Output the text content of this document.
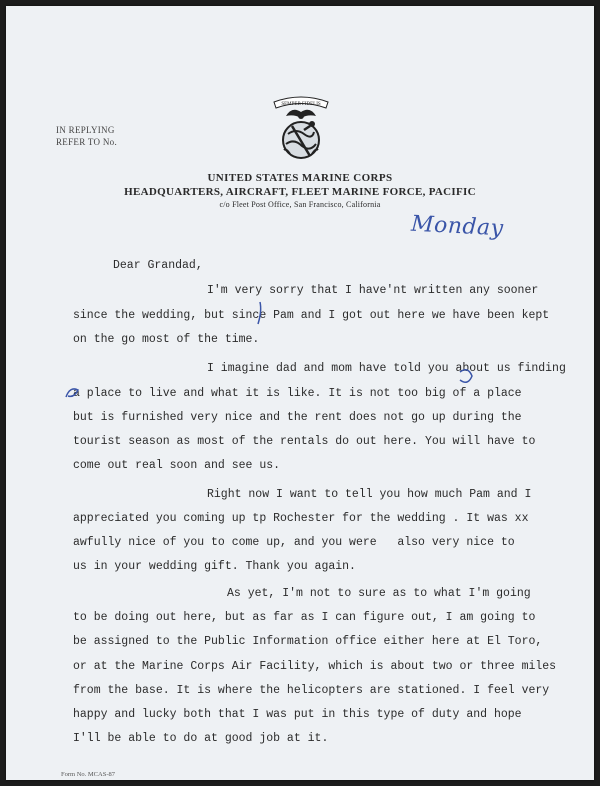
IN REPLYING
REFER TO No.
SEMPER FIDELIS
UNITED STATES MARINE CORPS
HEADQUARTERS, AIRCRAFT, FLEET MARINE FORCE, PACIFIC
c/o Fleet Post Office, San Francisco, California
Monday
Dear Grandad,
I'm very sorry that I have'nt written any sooner
since the wedding, but since Pam and I got out here we have been kept
on the go most of the time.
I imagine dad and mom have told you about us finding
a place to live and what it is like. It is not too big of a place
but is furnished very nice and the rent does not go up during the
tourist season as most of the rentals do out here. You will have to
come out real soon and see us.
Right now I want to tell you how much Pam and I
appreciated you coming up tp Rochester for the wedding . It was xx
awfully nice of you to come up, and you were   also very nice to
us in your wedding gift. Thank you again.
As yet, I'm not to sure as to what I'm going
to be doing out here, but as far as I can figure out, I am going to
be assigned to the Public Information office either here at El Toro,
or at the Marine Corps Air Facility, which is about two or three miles
from the base. It is where the helicopters are stationed. I feel very
happy and lucky both that I was put in this type of duty and hope
I'll be able to do at good job at it.
Form No. MCAS-87
